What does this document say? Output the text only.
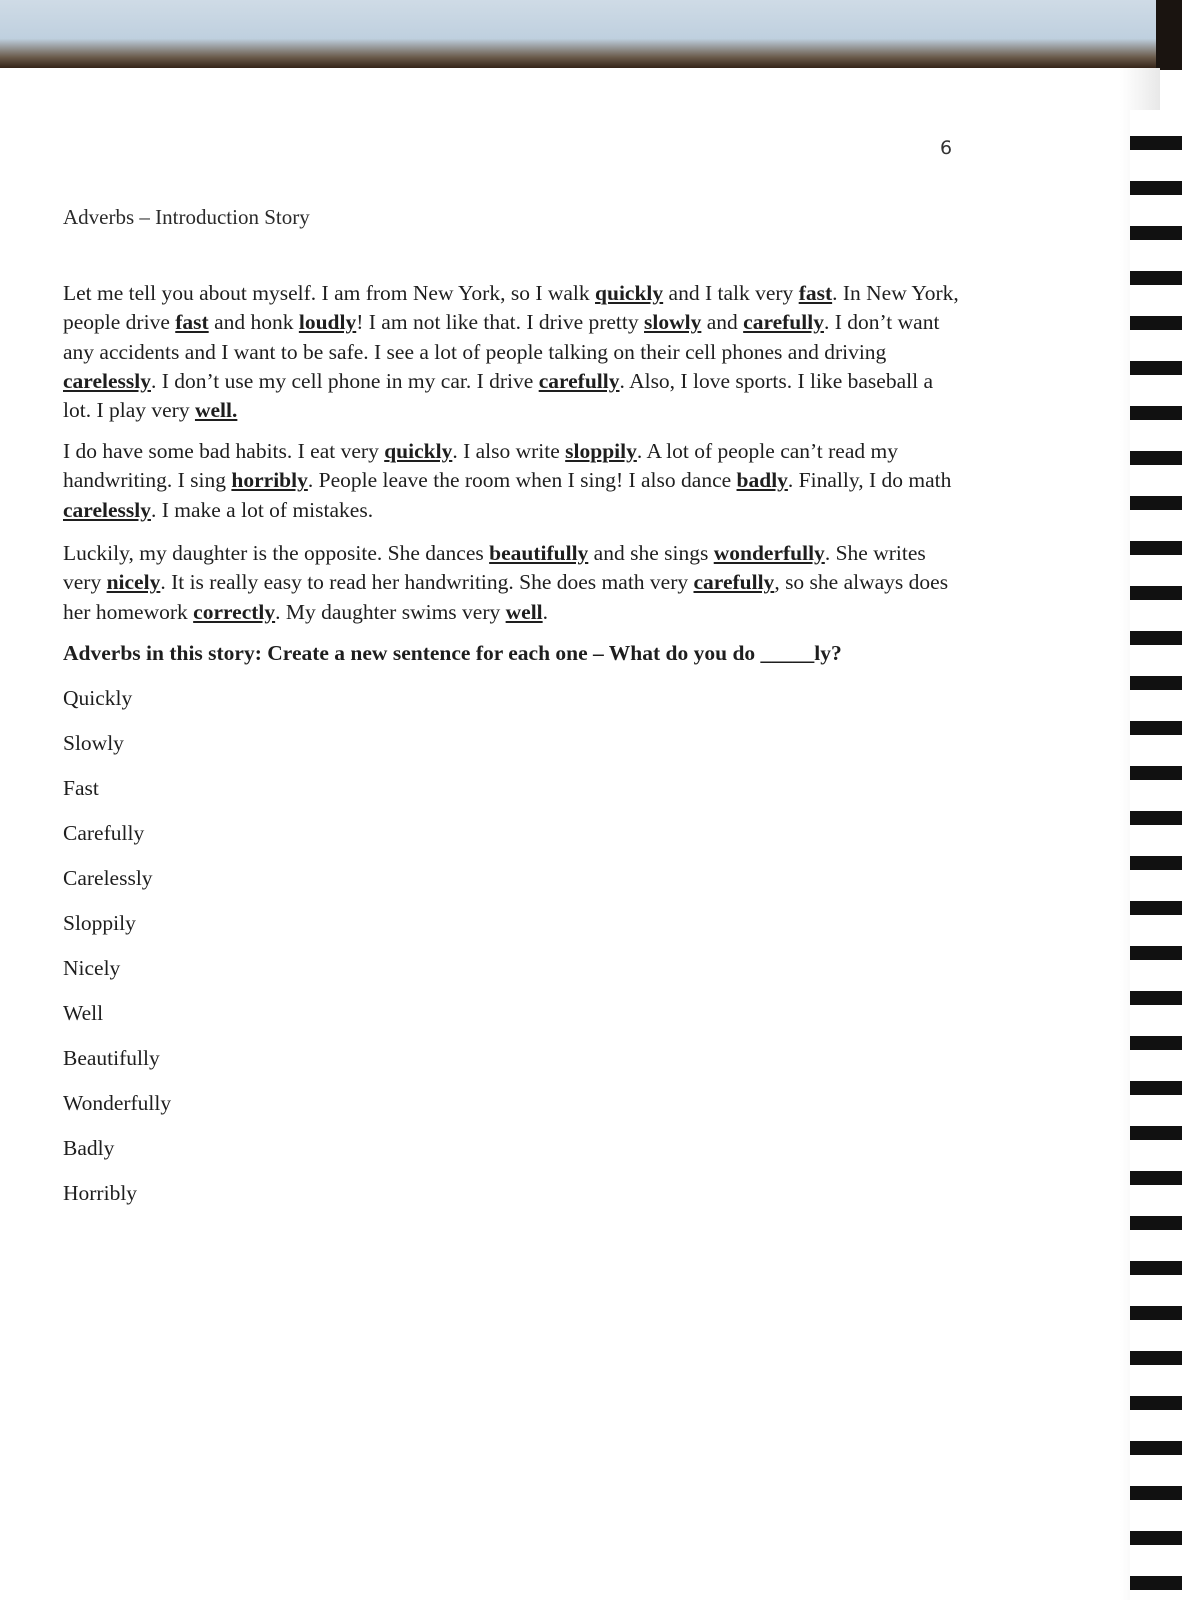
6
Adverbs – Introduction Story

Let me tell you about myself. I am from New York, so I walk quickly and I talk very fast. In New York, people drive fast and honk loudly! I am not like that. I drive pretty slowly and carefully. I don’t want any accidents and I want to be safe. I see a lot of people talking on their cell phones and driving carelessly. I don’t use my cell phone in my car. I drive carefully. Also, I love sports. I like baseball a lot. I play very well.

I do have some bad habits. I eat very quickly. I also write sloppily. A lot of people can’t read my handwriting. I sing horribly. People leave the room when I sing! I also dance badly. Finally, I do math carelessly. I make a lot of mistakes.

Luckily, my daughter is the opposite. She dances beautifully and she sings wonderfully. She writes very nicely. It is really easy to read her handwriting. She does math very carefully, so she always does her homework correctly. My daughter swims very well.

Adverbs in this story: Create a new sentence for each one – What do you do _____ly?
Quickly
Slowly
Fast
Carefully
Carelessly
Sloppily
Nicely
Well
Beautifully
Wonderfully
Badly
Horribly
